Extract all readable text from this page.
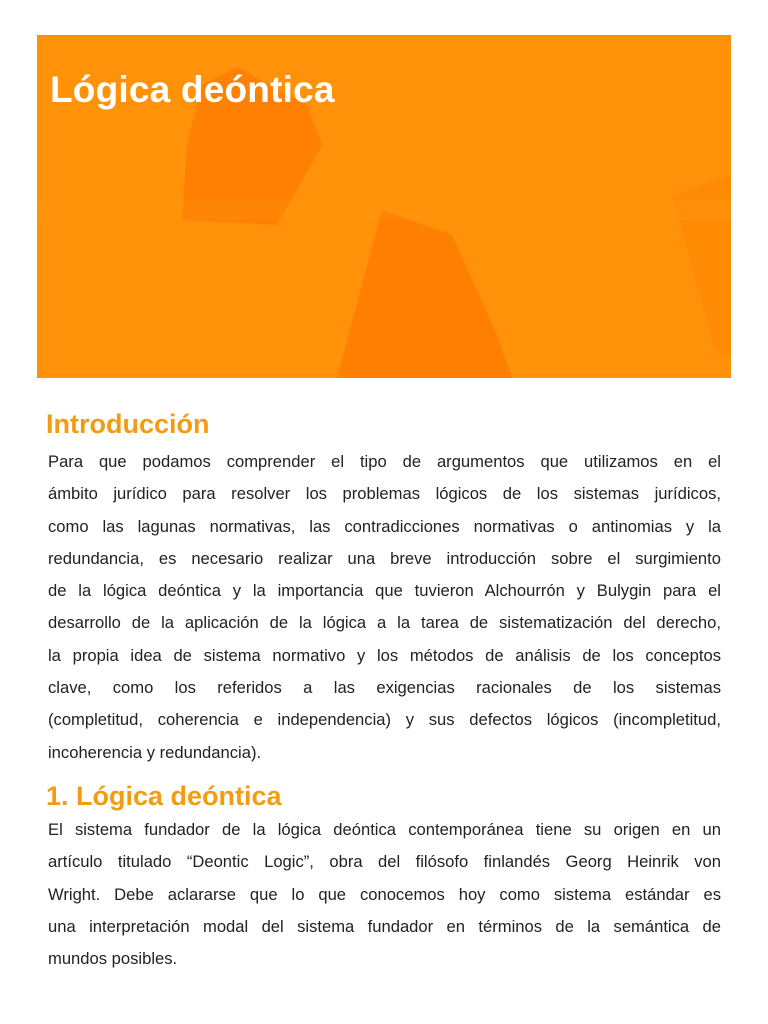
Lógica deóntica
Introducción
Para que podamos comprender el tipo de argumentos que utilizamos en el
ámbito jurídico para resolver los problemas lógicos de los sistemas jurídicos,
como las lagunas normativas, las contradicciones normativas o antinomias y la
redundancia, es necesario realizar una breve introducción sobre el surgimiento
de la lógica deóntica y la importancia que tuvieron Alchourrón y Bulygin para el
desarrollo de la aplicación de la lógica a la tarea de sistematización del derecho,
la propia idea de sistema normativo y los métodos de análisis de los conceptos
clave, como los referidos a las exigencias racionales de los sistemas
(completitud, coherencia e independencia) y sus defectos lógicos (incompletitud,
incoherencia y redundancia).
1. Lógica deóntica
El sistema fundador de la lógica deóntica contemporánea tiene su origen en un
artículo titulado “Deontic Logic”, obra del filósofo finlandés Georg Heinrik von
Wright. Debe aclararse que lo que conocemos hoy como sistema estándar es
una interpretación modal del sistema fundador en términos de la semántica de
mundos posibles.
